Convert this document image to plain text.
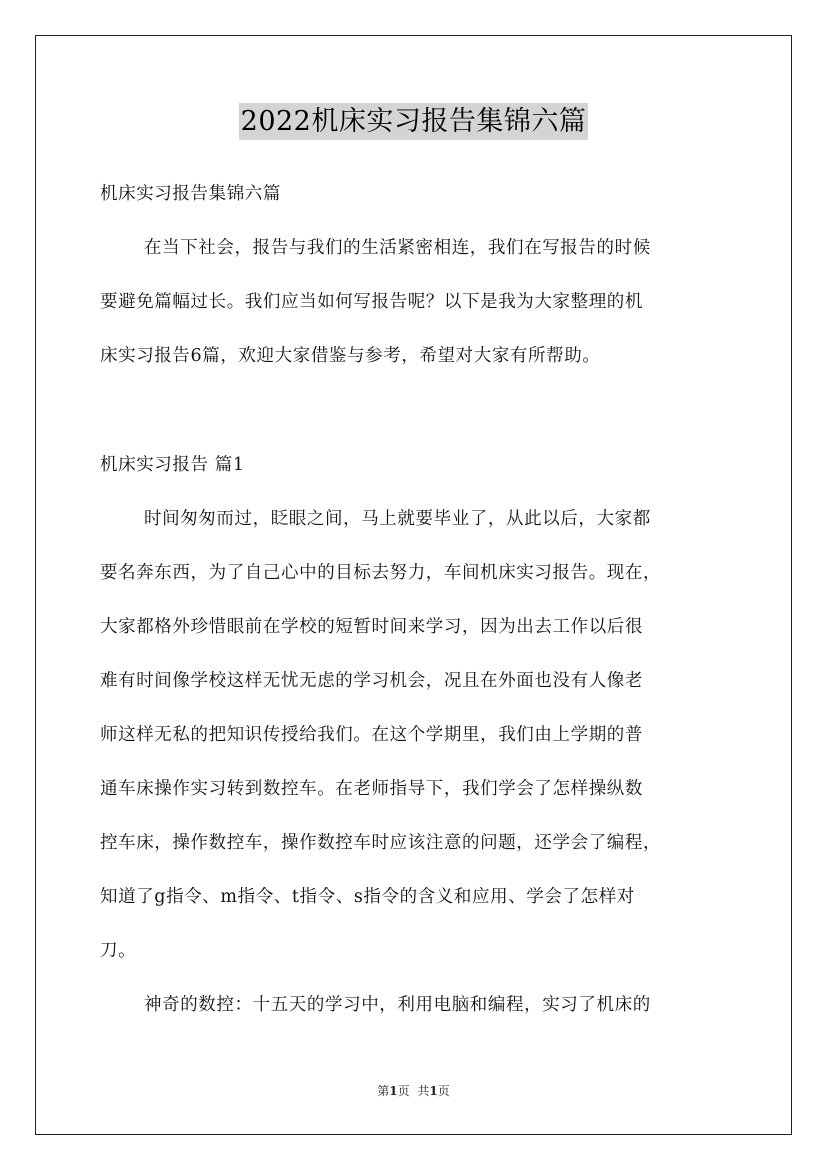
2022机床实习报告集锦六篇
机床实习报告集锦六篇
在当下社会，报告与我们的生活紧密相连，我们在写报告的时候
要避免篇幅过长。我们应当如何写报告呢？以下是我为大家整理的机
床实习报告6篇，欢迎大家借鉴与参考，希望对大家有所帮助。
机床实习报告 篇1
时间匆匆而过，眨眼之间，马上就要毕业了，从此以后，大家都
要名奔东西，为了自己心中的目标去努力，车间机床实习报告。现在，
大家都格外珍惜眼前在学校的短暂时间来学习，因为出去工作以后很
难有时间像学校这样无忧无虑的学习机会，况且在外面也没有人像老
师这样无私的把知识传授给我们。在这个学期里，我们由上学期的普
通车床操作实习转到数控车。在老师指导下，我们学会了怎样操纵数
控车床，操作数控车，操作数控车时应该注意的问题，还学会了编程，
知道了g指令、m指令、t指令、s指令的含义和应用、学会了怎样对
刀。
神奇的数控：十五天的学习中，利用电脑和编程，实习了机床的
第1页 共1页
